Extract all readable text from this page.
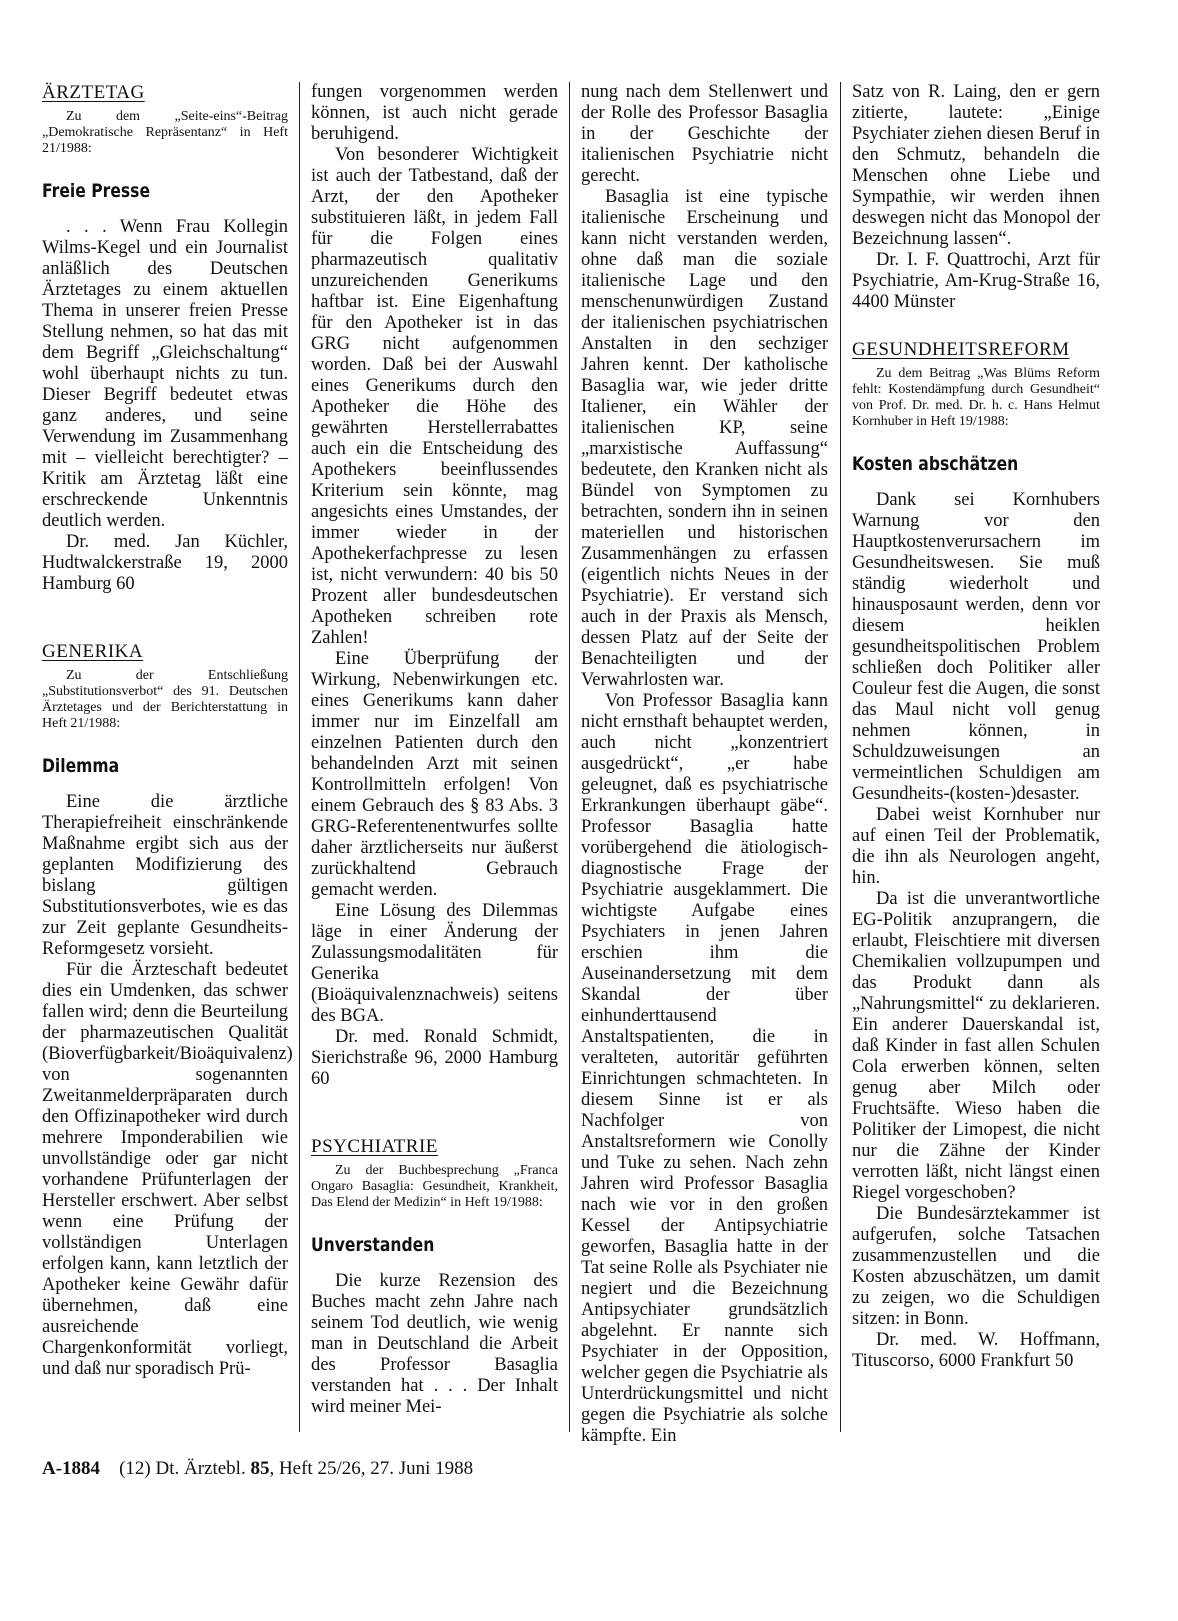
ÄRZTETAG
Zu dem „Seite-eins“-Beitrag „Demokratische Repräsentanz“ in Heft 21/1988:
Freie Presse

. . . Wenn Frau Kollegin Wilms-Kegel und ein Journalist anläßlich des Deutschen Ärztetages zu einem aktuellen Thema in unserer freien Presse Stellung nehmen, so hat das mit dem Begriff „Gleichschaltung“ wohl überhaupt nichts zu tun. Dieser Begriff bedeutet etwas ganz anderes, und seine Verwendung im Zusammenhang mit – vielleicht berechtigter? – Kritik am Ärztetag läßt eine erschreckende Unkenntnis deutlich werden.

Dr. med. Jan Küchler, Hudtwalckerstraße 19, 2000 Hamburg 60

GENERIKA
Zu der Entschließung „Substitutionsverbot“ des 91. Deutschen Ärztetages und der Berichterstattung in Heft 21/1988:
Dilemma

Eine die ärztliche Therapiefreiheit einschränkende Maßnahme ergibt sich aus der geplanten Modifizierung des bislang gültigen Substitutionsverbotes, wie es das zur Zeit geplante Gesundheits-Reformgesetz vorsieht.

Für die Ärzteschaft bedeutet dies ein Umdenken, das schwer fallen wird; denn die Beurteilung der pharmazeutischen Qualität (Bioverfügbarkeit/Bioäquivalenz) von sogenannten Zweitanmelderpräparaten durch den Offizinapotheker wird durch mehrere Imponderabilien wie unvollständige oder gar nicht vorhandene Prüfunterlagen der Hersteller erschwert. Aber selbst wenn eine Prüfung der vollständigen Unterlagen erfolgen kann, kann letztlich der Apotheker keine Gewähr dafür übernehmen, daß eine ausreichende Chargenkonformität vorliegt, und daß nur sporadisch Prü-

fungen vorgenommen werden können, ist auch nicht gerade beruhigend.

Von besonderer Wichtigkeit ist auch der Tatbestand, daß der Arzt, der den Apotheker substituieren läßt, in jedem Fall für die Folgen eines pharmazeutisch qualitativ unzureichenden Generikums haftbar ist. Eine Eigenhaftung für den Apotheker ist in das GRG nicht aufgenommen worden. Daß bei der Auswahl eines Generikums durch den Apotheker die Höhe des gewährten Herstellerrabattes auch ein die Entscheidung des Apothekers beeinflussendes Kriterium sein könnte, mag angesichts eines Umstandes, der immer wieder in der Apothekerfachpresse zu lesen ist, nicht verwundern: 40 bis 50 Prozent aller bundesdeutschen Apotheken schreiben rote Zahlen!

Eine Überprüfung der Wirkung, Nebenwirkungen etc. eines Generikums kann daher immer nur im Einzelfall am einzelnen Patienten durch den behandelnden Arzt mit seinen Kontrollmitteln erfolgen! Von einem Gebrauch des § 83 Abs. 3 GRG-Referentenentwurfes sollte daher ärztlicherseits nur äußerst zurückhaltend Gebrauch gemacht werden.

Eine Lösung des Dilemmas läge in einer Änderung der Zulassungsmodalitäten für Generika (Bioäquivalenznachweis) seitens des BGA.

Dr. med. Ronald Schmidt, Sierichstraße 96, 2000 Hamburg 60

PSYCHIATRIE
Zu der Buchbesprechung „Franca Ongaro Basaglia: Gesundheit, Krankheit, Das Elend der Medizin“ in Heft 19/1988:
Unverstanden

Die kurze Rezension des Buches macht zehn Jahre nach seinem Tod deutlich, wie wenig man in Deutschland die Arbeit des Professor Basaglia verstanden hat . . . Der Inhalt wird meiner Mei-

nung nach dem Stellenwert und der Rolle des Professor Basaglia in der Geschichte der italienischen Psychiatrie nicht gerecht.

Basaglia ist eine typische italienische Erscheinung und kann nicht verstanden werden, ohne daß man die soziale italienische Lage und den menschenunwürdigen Zustand der italienischen psychiatrischen Anstalten in den sechziger Jahren kennt. Der katholische Basaglia war, wie jeder dritte Italiener, ein Wähler der italienischen KP, seine „marxistische Auffassung“ bedeutete, den Kranken nicht als Bündel von Symptomen zu betrachten, sondern ihn in seinen materiellen und historischen Zusammenhängen zu erfassen (eigentlich nichts Neues in der Psychiatrie). Er verstand sich auch in der Praxis als Mensch, dessen Platz auf der Seite der Benachteiligten und der Verwahrlosten war.

Von Professor Basaglia kann nicht ernsthaft behauptet werden, auch nicht „konzentriert ausgedrückt“, „er habe geleugnet, daß es psychiatrische Erkrankungen überhaupt gäbe“. Professor Basaglia hatte vorübergehend die ätiologisch-diagnostische Frage der Psychiatrie ausgeklammert. Die wichtigste Aufgabe eines Psychiaters in jenen Jahren erschien ihm die Auseinandersetzung mit dem Skandal der über einhunderttausend Anstaltspatienten, die in veralteten, autoritär geführten Einrichtungen schmachteten. In diesem Sinne ist er als Nachfolger von Anstaltsreformern wie Conolly und Tuke zu sehen. Nach zehn Jahren wird Professor Basaglia nach wie vor in den großen Kessel der Antipsychiatrie geworfen, Basaglia hatte in der Tat seine Rolle als Psychiater nie negiert und die Bezeichnung Antipsychiater grundsätzlich abgelehnt. Er nannte sich Psychiater in der Opposition, welcher gegen die Psychiatrie als Unterdrückungsmittel und nicht gegen die Psychiatrie als solche kämpfte. Ein

Satz von R. Laing, den er gern zitierte, lautete: „Einige Psychiater ziehen diesen Beruf in den Schmutz, behandeln die Menschen ohne Liebe und Sympathie, wir werden ihnen deswegen nicht das Monopol der Bezeichnung lassen“.

Dr. I. F. Quattrochi, Arzt für Psychiatrie, Am-Krug-Straße 16, 4400 Münster

GESUNDHEITSREFORM
Zu dem Beitrag „Was Blüms Reform fehlt: Kostendämpfung durch Gesundheit“ von Prof. Dr. med. Dr. h. c. Hans Helmut Kornhuber in Heft 19/1988:
Kosten abschätzen

Dank sei Kornhubers Warnung vor den Hauptkostenverursachern im Gesundheitswesen. Sie muß ständig wiederholt und hinausposaunt werden, denn vor diesem heiklen gesundheitspolitischen Problem schließen doch Politiker aller Couleur fest die Augen, die sonst das Maul nicht voll genug nehmen können, in Schuldzuweisungen an vermeintlichen Schuldigen am Gesundheits-(kosten-)desaster.

Dabei weist Kornhuber nur auf einen Teil der Problematik, die ihn als Neurologen angeht, hin.

Da ist die unverantwortliche EG-Politik anzuprangern, die erlaubt, Fleischtiere mit diversen Chemikalien vollzupumpen und das Produkt dann als „Nahrungsmittel“ zu deklarieren. Ein anderer Dauerskandal ist, daß Kinder in fast allen Schulen Cola erwerben können, selten genug aber Milch oder Fruchtsäfte. Wieso haben die Politiker der Limopest, die nicht nur die Zähne der Kinder verrotten läßt, nicht längst einen Riegel vorgeschoben?

Die Bundesärztekammer ist aufgerufen, solche Tatsachen zusammenzustellen und die Kosten abzuschätzen, um damit zu zeigen, wo die Schuldigen sitzen: in Bonn.

Dr. med. W. Hoffmann, Tituscorso, 6000 Frankfurt 50

A-1884 (12) Dt. Ärztebl. 85, Heft 25/26, 27. Juni 1988
